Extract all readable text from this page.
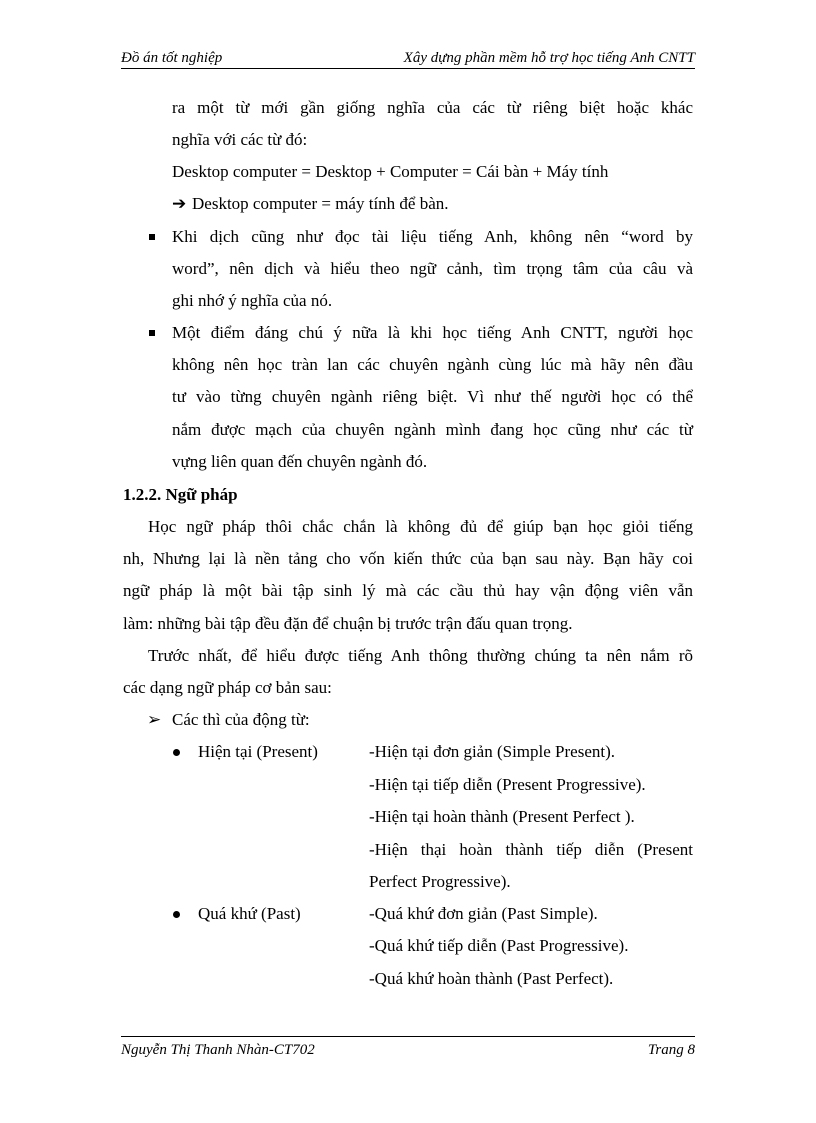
Đồ án tốt nghiệp	Xây dựng phần mềm hỗ trợ học tiếng Anh CNTT
ra một từ mới gần giống nghĩa của các từ riêng biệt hoặc khác
nghĩa với các từ đó:
Desktop computer = Desktop + Computer = Cái bàn + Máy tính
➔ Desktop computer = máy tính để bàn.
Khi dịch cũng như đọc tài liệu tiếng Anh, không nên “word by
word”, nên dịch và hiểu theo ngữ cảnh, tìm trọng tâm của câu và
ghi nhớ ý nghĩa của nó.
Một điểm đáng chú ý nữa là khi học tiếng Anh CNTT, người học
không nên học tràn lan các chuyên ngành cùng lúc mà hãy nên đầu
tư vào từng chuyên ngành riêng biệt. Vì như thế người học có thể
nắm được mạch của chuyên ngành mình đang học cũng như các từ
vựng liên quan đến chuyên ngành đó.
1.2.2. Ngữ pháp
Học ngữ pháp thôi chắc chắn là không đủ để giúp bạn học giỏi tiếng
nh, Nhưng lại là nền tảng cho vốn kiến thức của bạn sau này. Bạn hãy coi
ngữ pháp là một bài tập sinh lý mà các cầu thủ hay vận động viên vẫn
làm: những bài tập đều đặn để chuận bị trước trận đấu quan trọng.
Trước nhất, để hiểu được tiếng Anh thông thường chúng ta nên nắm rõ
các dạng ngữ pháp cơ bản sau:
➢ Các thì của động từ:
Hiện tại (Present)	-Hiện tại đơn giản (Simple Present).
-Hiện tại tiếp diễn (Present Progressive).
-Hiện tại hoàn thành (Present Perfect ).
-Hiện thại hoàn thành tiếp diễn (Present
Perfect Progressive).
Quá khứ (Past)	-Quá khứ đơn giản (Past Simple).
-Quá khứ tiếp diễn (Past Progressive).
-Quá khứ hoàn thành (Past Perfect).
Nguyễn Thị Thanh Nhàn-CT702	Trang 8
